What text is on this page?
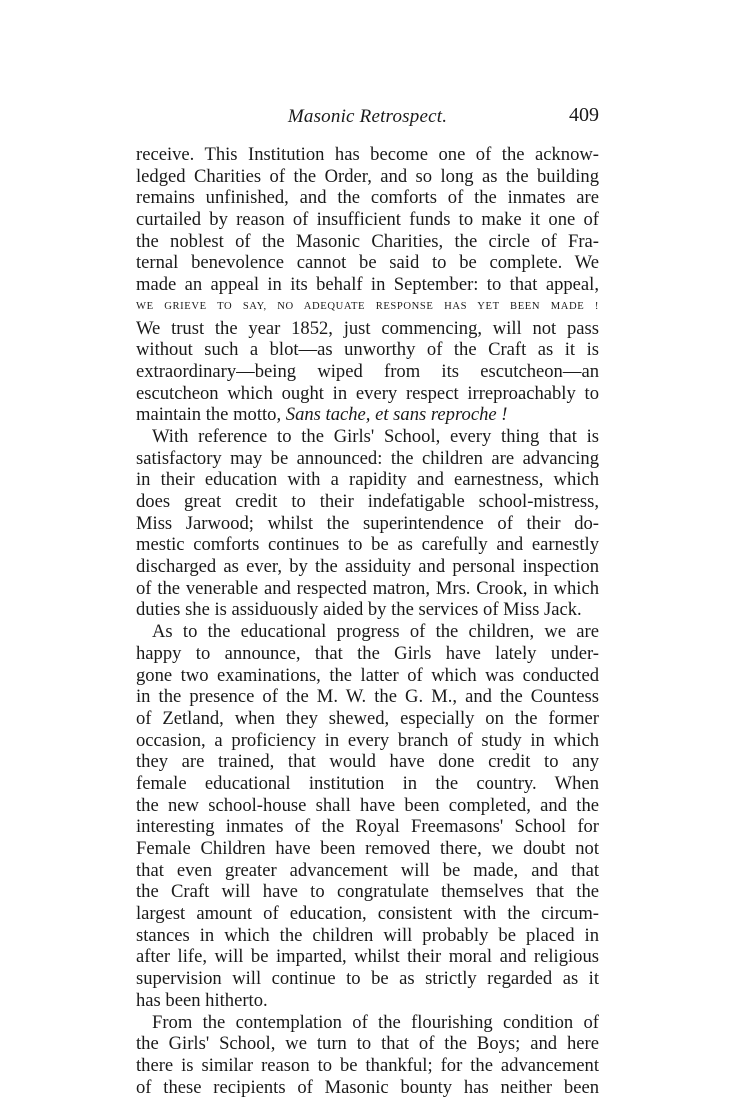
Masonic Retrospect.	409
receive. This Institution has become one of the acknow-
ledged Charities of the Order, and so long as the building
remains unfinished, and the comforts of the inmates are
curtailed by reason of insufficient funds to make it one of
the noblest of the Masonic Charities, the circle of Fra-
ternal benevolence cannot be said to be complete. We
made an appeal in its behalf in September: to that appeal,
WE GRIEVE TO SAY, NO ADEQUATE RESPONSE HAS YET BEEN MADE !
We trust the year 1852, just commencing, will not pass
without such a blot—as unworthy of the Craft as it is
extraordinary—being wiped from its escutcheon—an
escutcheon which ought in every respect irreproachably to
maintain the motto, Sans tache, et sans reproche !
With reference to the Girls' School, every thing that is
satisfactory may be announced: the children are advancing
in their education with a rapidity and earnestness, which
does great credit to their indefatigable school-mistress,
Miss Jarwood; whilst the superintendence of their do-
mestic comforts continues to be as carefully and earnestly
discharged as ever, by the assiduity and personal inspection
of the venerable and respected matron, Mrs. Crook, in which
duties she is assiduously aided by the services of Miss Jack.
As to the educational progress of the children, we are
happy to announce, that the Girls have lately under-
gone two examinations, the latter of which was conducted
in the presence of the M. W. the G. M., and the Countess
of Zetland, when they shewed, especially on the former
occasion, a proficiency in every branch of study in which
they are trained, that would have done credit to any
female educational institution in the country. When
the new school-house shall have been completed, and the
interesting inmates of the Royal Freemasons' School for
Female Children have been removed there, we doubt not
that even greater advancement will be made, and that
the Craft will have to congratulate themselves that the
largest amount of education, consistent with the circum-
stances in which the children will probably be placed in
after life, will be imparted, whilst their moral and religious
supervision will continue to be as strictly regarded as it
has been hitherto.
From the contemplation of the flourishing condition of
the Girls' School, we turn to that of the Boys; and here
there is similar reason to be thankful; for the advancement
of these recipients of Masonic bounty has neither been
